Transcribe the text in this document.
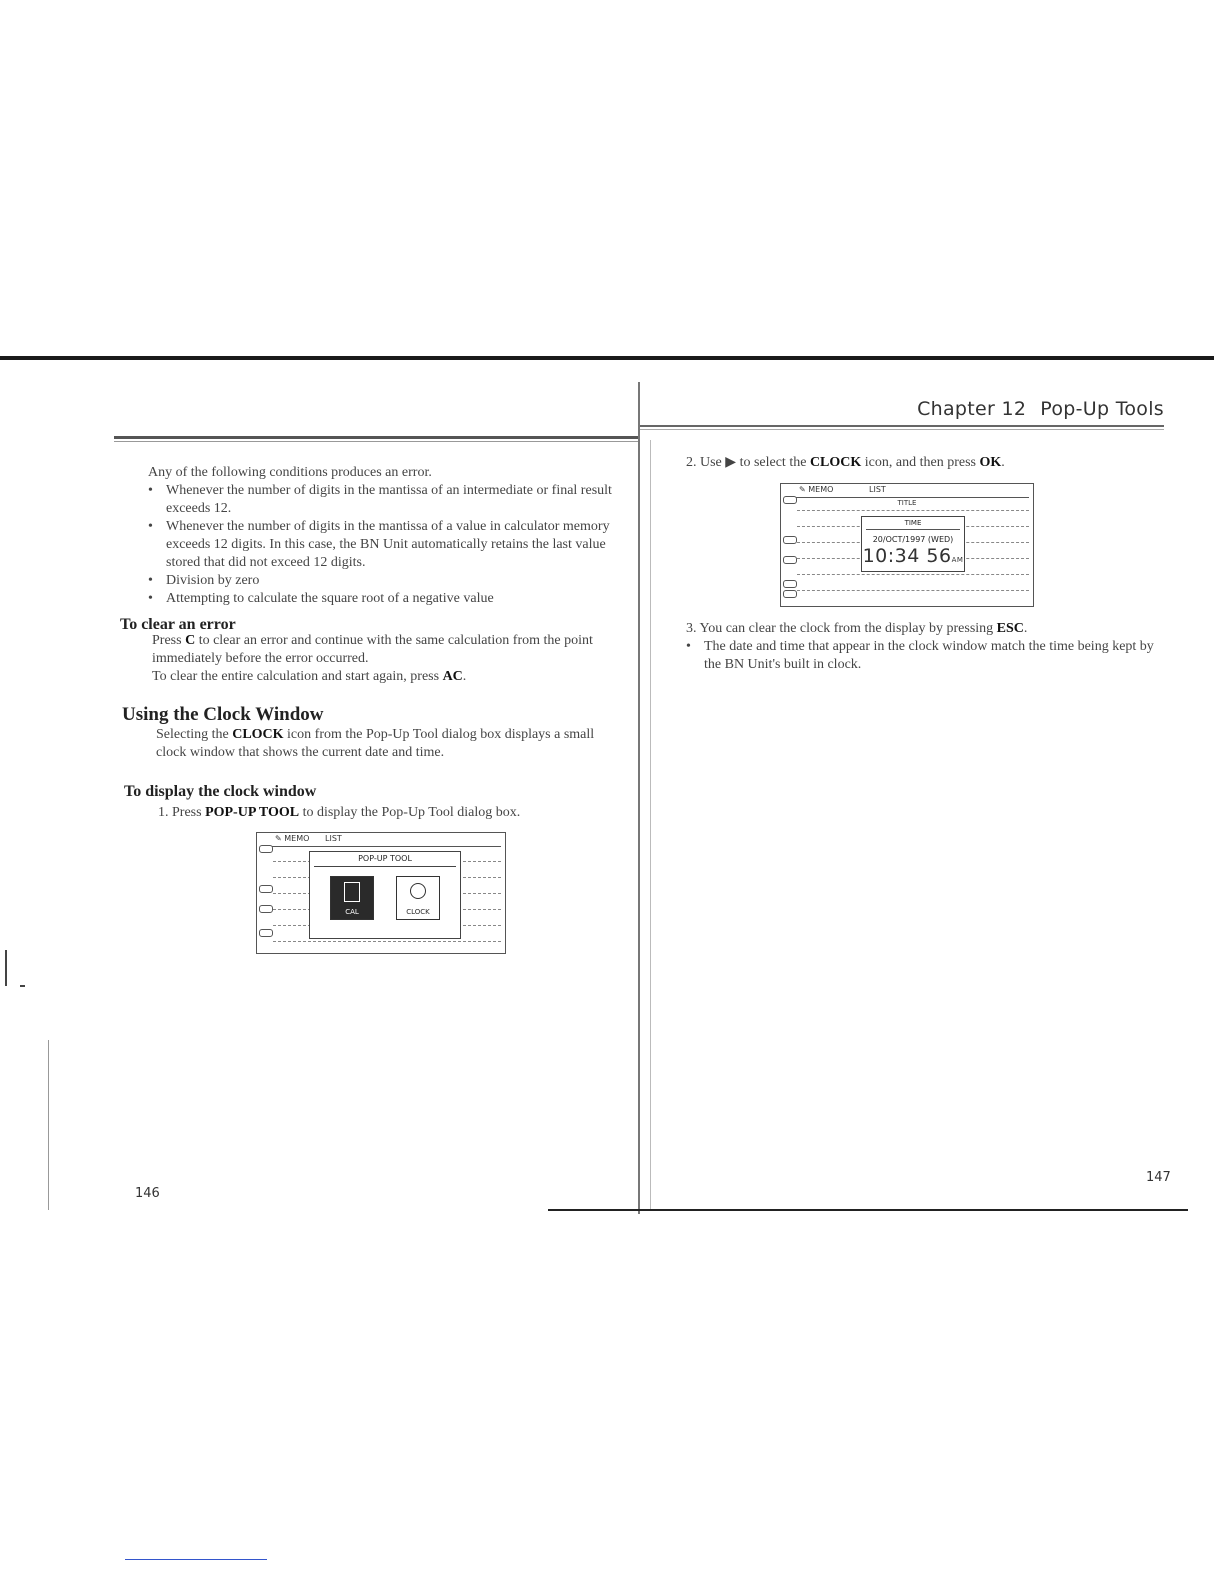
Chapter 12 Pop-Up Tools
Any of the following conditions produces an error.
• Whenever the number of digits in the mantissa of an intermediate or final result exceeds 12.
• Whenever the number of digits in the mantissa of a value in calculator memory exceeds 12 digits. In this case, the BN Unit automatically retains the last value stored that did not exceed 12 digits.
• Division by zero
• Attempting to calculate the square root of a negative value
To clear an error
Press C to clear an error and continue with the same calculation from the point immediately before the error occurred.
To clear the entire calculation and start again, press AC.
Using the Clock Window
Selecting the CLOCK icon from the Pop-Up Tool dialog box displays a small clock window that shows the current date and time.
To display the clock window
1. Press POP-UP TOOL to display the Pop-Up Tool dialog box.
✎ MEMO LIST
POP-UP TOOL
CAL	CLOCK
146
2. Use ▶ to select the CLOCK icon, and then press OK.
✎ MEMO	LIST
TITLE
TIME
20/OCT/1997 (WED)
10:34 56AM
3. You can clear the clock from the display by pressing ESC.
• The date and time that appear in the clock window match the time being kept by the BN Unit's built in clock.
147
